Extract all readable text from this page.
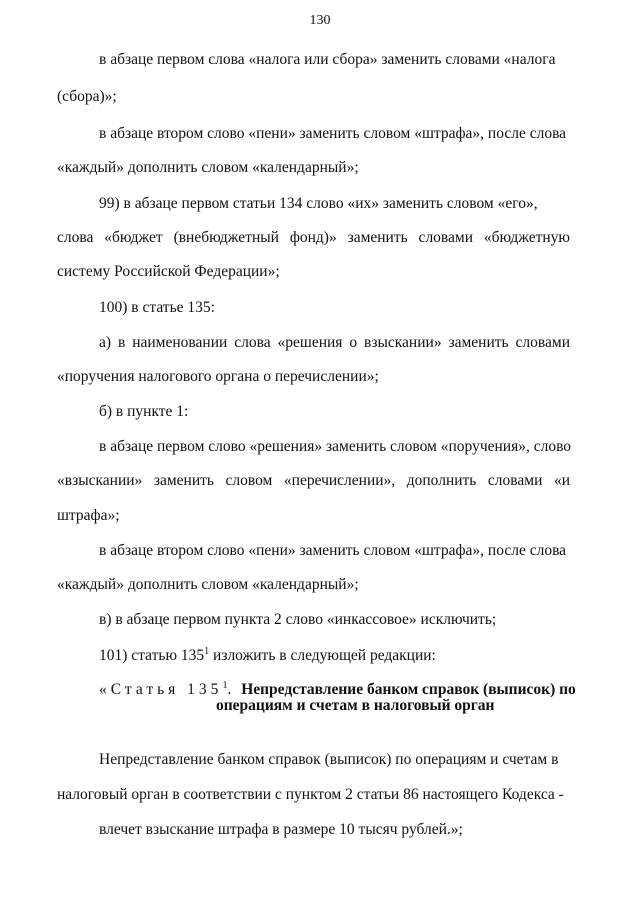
130
в абзаце первом слова «налога или сбора» заменить словами «налога
(сбора)»;
в абзаце втором слово «пени» заменить словом «штрафа», после слова
«каждый» дополнить словом «календарный»;
99) в абзаце первом статьи 134 слово «их» заменить словом «его»,
слова «бюджет (внебюджетный фонд)» заменить словами «бюджетную
систему Российской Федерации»;
100) в статье 135:
а) в наименовании слова «решения о взыскании» заменить словами
«поручения налогового органа о перечислении»;
б) в пункте 1:
в абзаце первом слово «решения» заменить словом «поручения», слово
«взыскании» заменить словом «перечислении», дополнить словами «и
штрафа»;
в абзаце втором слово «пени» заменить словом «штрафа», после слова
«каждый» дополнить словом «календарный»;
в) в абзаце первом пункта 2 слово «инкассовое» исключить;
101) статью $135^1$ изложить в следующей редакции:
«Статья $135^1$. Непредставление банком справок (выписок) по
операциям и счетам в налоговый орган
Непредставление банком справок (выписок) по операциям и счетам в
налоговый орган в соответствии с пунктом 2 статьи 86 настоящего Кодекса -
влечет взыскание штрафа в размере 10 тысяч рублей.»;
